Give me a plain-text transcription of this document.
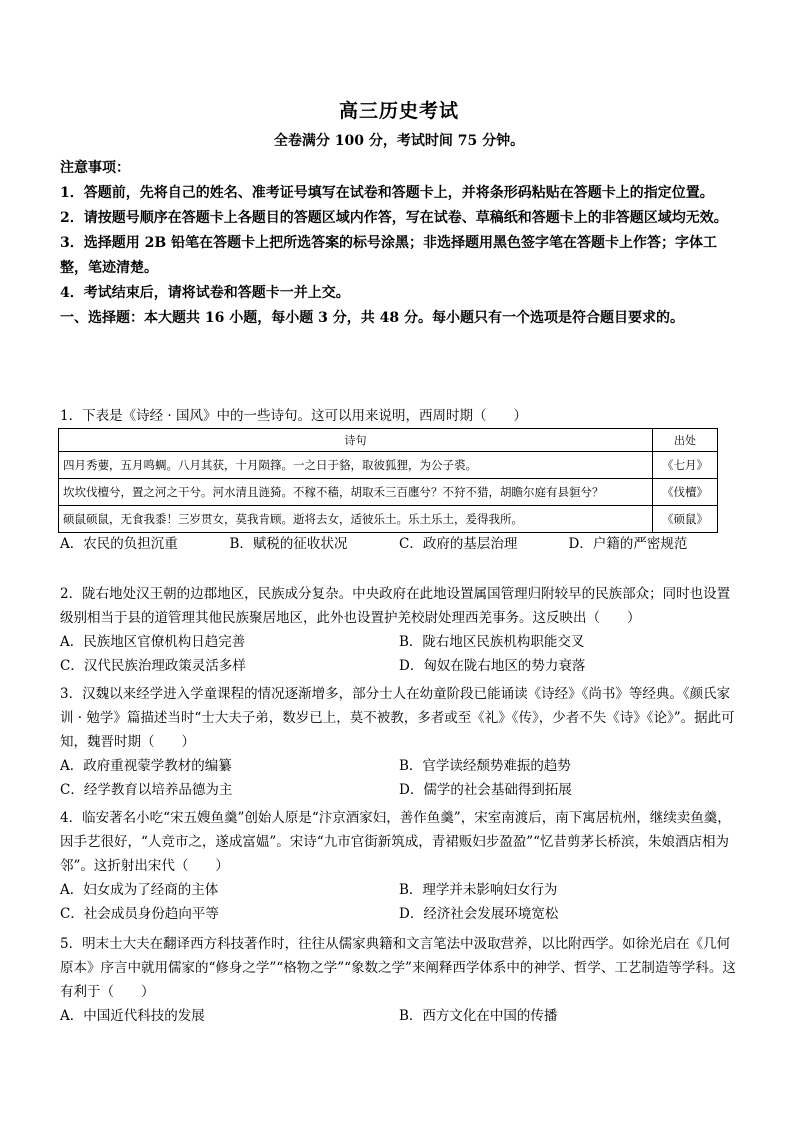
高三历史考试
全卷满分 100 分，考试时间 75 分钟。

注意事项：

1．答题前，先将自己的姓名、准考证号填写在试卷和答题卡上，并将条形码粘贴在答题卡上的指定位置。

2．请按题号顺序在答题卡上各题目的答题区域内作答，写在试卷、草稿纸和答题卡上的非答题区域均无效。

3．选择题用 2B 铅笔在答题卡上把所选答案的标号涂黑；非选择题用黑色签字笔在答题卡上作答；字体工整，笔迹清楚。

4．考试结束后，请将试卷和答题卡一并上交。

一、选择题：本大题共 16 小题，每小题 3 分，共 48 分。每小题只有一个选项是符合题目要求的。

1．下表是《诗经 · 国风》中的一些诗句。这可以用来说明，西周时期（　　）

诗句	出处
四月秀葽，五月鸣蜩。八月其获，十月陨箨。一之日于貉，取彼狐狸，为公子裘。	《七月》
坎坎伐檀兮，置之河之干兮。河水清且涟猗。不稼不穑，胡取禾三百廛兮？不狩不猎，胡瞻尔庭有县貆兮？	《伐檀》
硕鼠硕鼠，无食我黍！三岁贯女，莫我肯顾。逝将去女，适彼乐土。乐土乐土，爰得我所。	《硕鼠》
A．农民的负担沉重	B．赋税的征收状况	C．政府的基层治理	D．户籍的严密规范

2．陇右地处汉王朝的边郡地区，民族成分复杂。中央政府在此地设置属国管理归附较早的民族部众；同时也设置级别相当于县的道管理其他民族聚居地区，此外也设置护羌校尉处理西羌事务。这反映出（　　）

A．民族地区官僚机构日趋完善	B．陇右地区民族机构职能交叉
C．汉代民族治理政策灵活多样	D．匈奴在陇右地区的势力衰落

3．汉魏以来经学进入学童课程的情况逐渐增多，部分士人在幼童阶段已能诵读《诗经》《尚书》等经典。《颜氏家训 · 勉学》篇描述当时“士大夫子弟，数岁已上，莫不被教，多者或至《礼》《传》，少者不失《诗》《论》”。据此可知，魏晋时期（　　）

A．政府重视蒙学教材的编纂	B．官学读经颓势难振的趋势
C．经学教育以培养品德为主	D．儒学的社会基础得到拓展

4．临安著名小吃“宋五嫂鱼羹”创始人原是“汴京酒家妇，善作鱼羹”，宋室南渡后，南下寓居杭州，继续卖鱼羹，因手艺很好，“人竞市之，遂成富媪”。宋诗“九市官街新筑成，青裙贩妇步盈盈”“忆昔剪茅长桥滨，朱娘酒店相为邻”。这折射出宋代（　　）

A．妇女成为了经商的主体	B．理学并未影响妇女行为
C．社会成员身份趋向平等	D．经济社会发展环境宽松

5．明末士大夫在翻译西方科技著作时，往往从儒家典籍和文言笔法中汲取营养，以比附西学。如徐光启在《几何原本》序言中就用儒家的“修身之学”“格物之学”“象数之学”来阐释西学体系中的神学、哲学、工艺制造等学科。这有利于（　　）

A．中国近代科技的发展	B．西方文化在中国的传播
